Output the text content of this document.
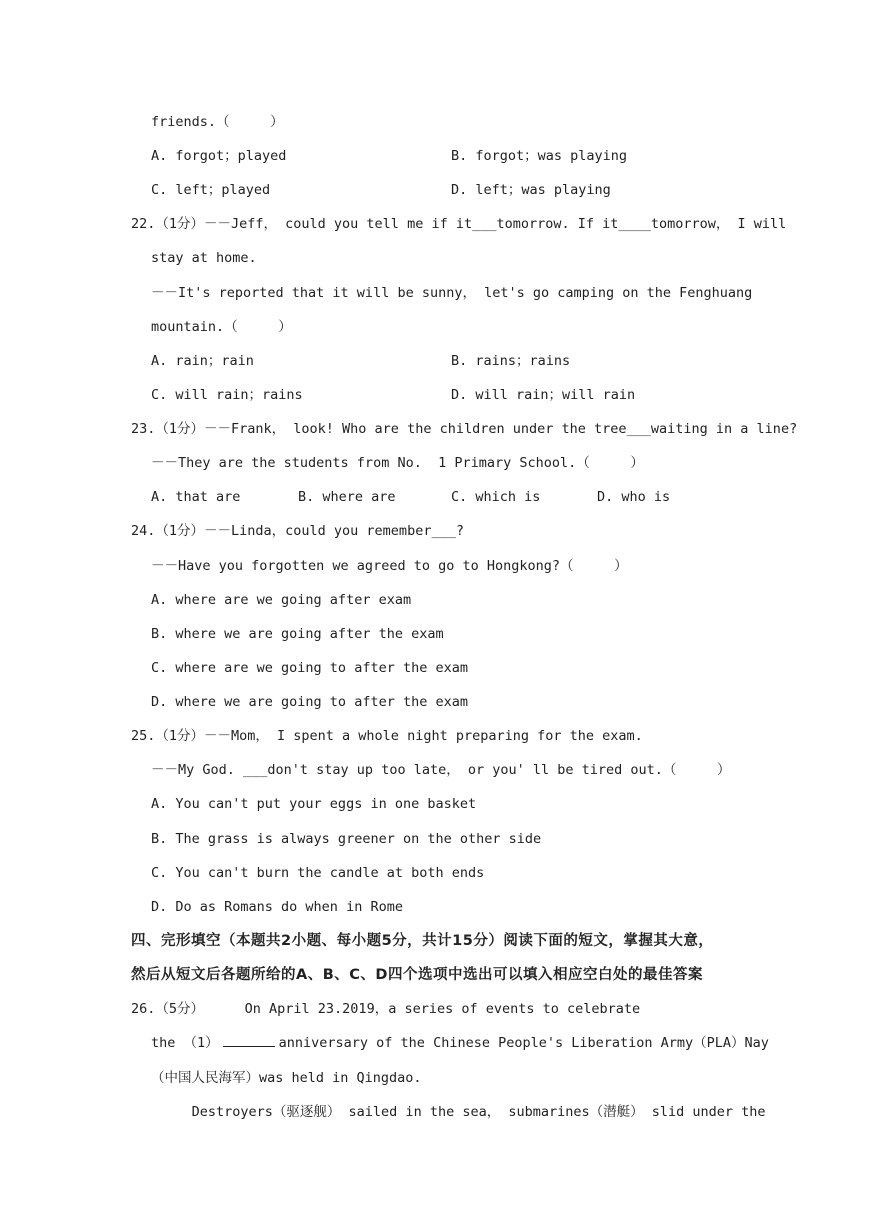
friends.（     ）
A. forgot；played	B. forgot；was playing
C. left；played	D. left；was playing
22.（1分）－－Jeff， could you tell me if it___tomorrow. If it____tomorrow， I will
stay at home.
－－It's reported that it will be sunny， let's go camping on the Fenghuang
mountain.（     ）
A. rain；rain	B. rains；rains
C. will rain；rains	D. will rain；will rain
23.（1分）－－Frank， look! Who are the children under the tree___waiting in a line?
－－They are the students from No.  1 Primary School.（     ）
A. that are	B. where are	C. which is	D. who is
24.（1分）－－Linda，could you remember___?
－－Have you forgotten we agreed to go to Hongkong?（     ）
A. where are we going after exam
B. where we are going after the exam
C. where are we going to after the exam
D. where we are going to after the exam
25.（1分）－－Mom， I spent a whole night preparing for the exam.
－－My God. ___don't stay up too late， or you' ll be tired out.（     ）
A. You can't put your eggs in one basket
B. The grass is always greener on the other side
C. You can't burn the candle at both ends
D. Do as Romans do when in Rome
四、完形填空（本题共2小题、每小题5分，共计15分）阅读下面的短文，掌握其大意，
然后从短文后各题所给的A、B、C、D四个选项中选出可以填入相应空白处的最佳答案
26.（5分）     On April 23.2019，a series of events to celebrate
the （1）	anniversary of the Chinese People's Liberation Army（PLA）Nay
（中国人民海军）was held in Qingdao.
Destroyers（驱逐舰） sailed in the sea， submarines（潜艇） slid under the
